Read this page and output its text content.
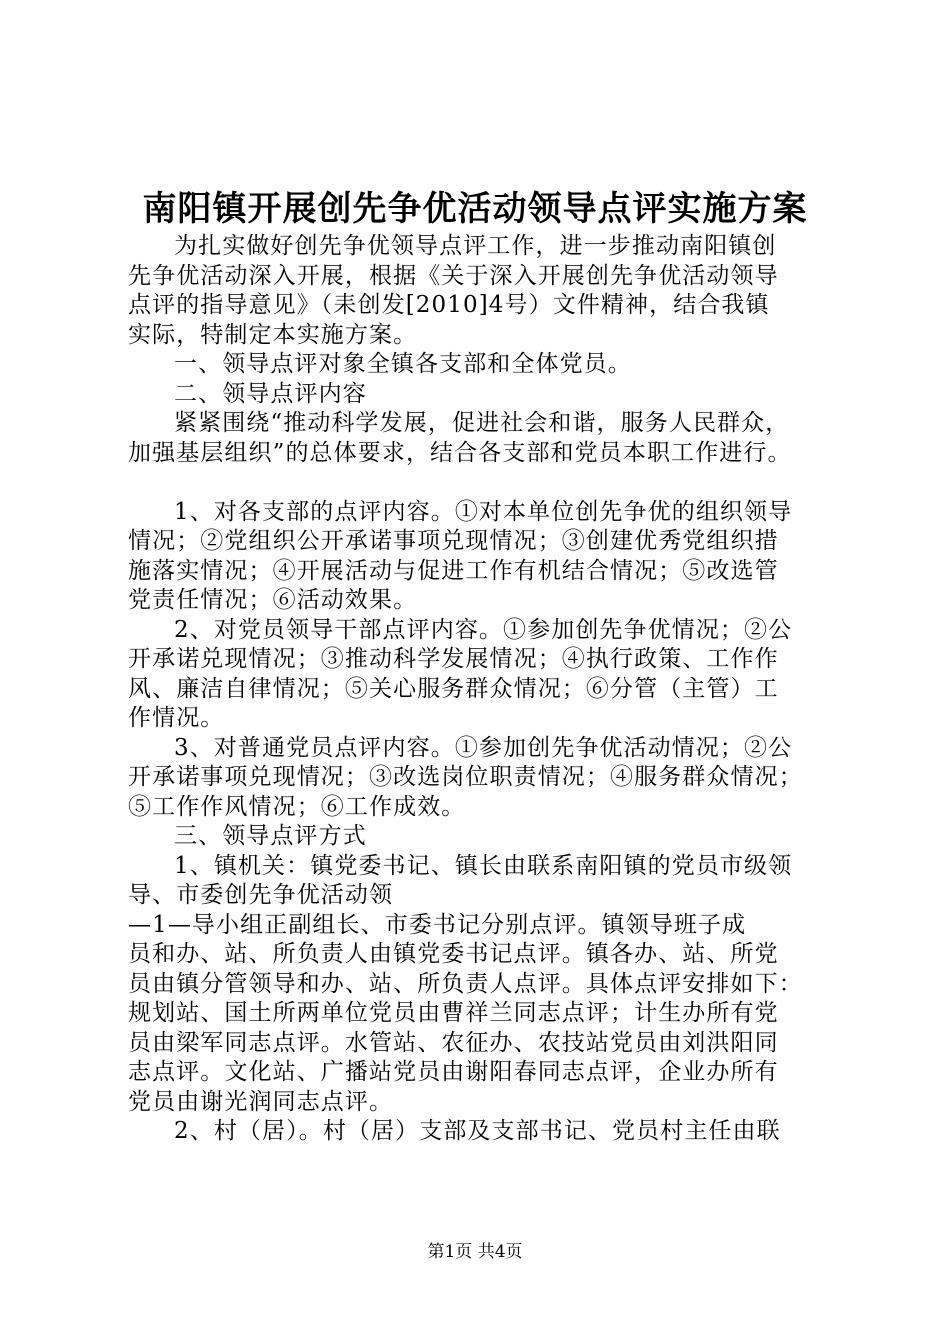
南阳镇开展创先争优活动领导点评实施方案
为扎实做好创先争优领导点评工作，进一步推动南阳镇创
先争优活动深入开展，根据《关于深入开展创先争优活动领导
点评的指导意见》（耒创发[2010]4号）文件精神，结合我镇
实际，特制定本实施方案。
一、领导点评对象全镇各支部和全体党员。
二、领导点评内容
紧紧围绕“推动科学发展，促进社会和谐，服务人民群众，
加强基层组织”的总体要求，结合各支部和党员本职工作进行。
1、对各支部的点评内容。①对本单位创先争优的组织领导
情况；②党组织公开承诺事项兑现情况；③创建优秀党组织措
施落实情况；④开展活动与促进工作有机结合情况；⑤改选管
党责任情况；⑥活动效果。
2、对党员领导干部点评内容。①参加创先争优情况；②公
开承诺兑现情况；③推动科学发展情况；④执行政策、工作作
风、廉洁自律情况；⑤关心服务群众情况；⑥分管（主管）工
作情况。
3、对普通党员点评内容。①参加创先争优活动情况；②公
开承诺事项兑现情况；③改选岗位职责情况；④服务群众情况；
⑤工作作风情况；⑥工作成效。
三、领导点评方式
1、镇机关：镇党委书记、镇长由联系南阳镇的党员市级领
导、市委创先争优活动领
—1—导小组正副组长、市委书记分别点评。镇领导班子成
员和办、站、所负责人由镇党委书记点评。镇各办、站、所党
员由镇分管领导和办、站、所负责人点评。具体点评安排如下：
规划站、国土所两单位党员由曹祥兰同志点评；计生办所有党
员由梁军同志点评。水管站、农征办、农技站党员由刘洪阳同
志点评。文化站、广播站党员由谢阳春同志点评，企业办所有
党员由谢光润同志点评。
2、村（居）。村（居）支部及支部书记、党员村主任由联
第1页 共4页
